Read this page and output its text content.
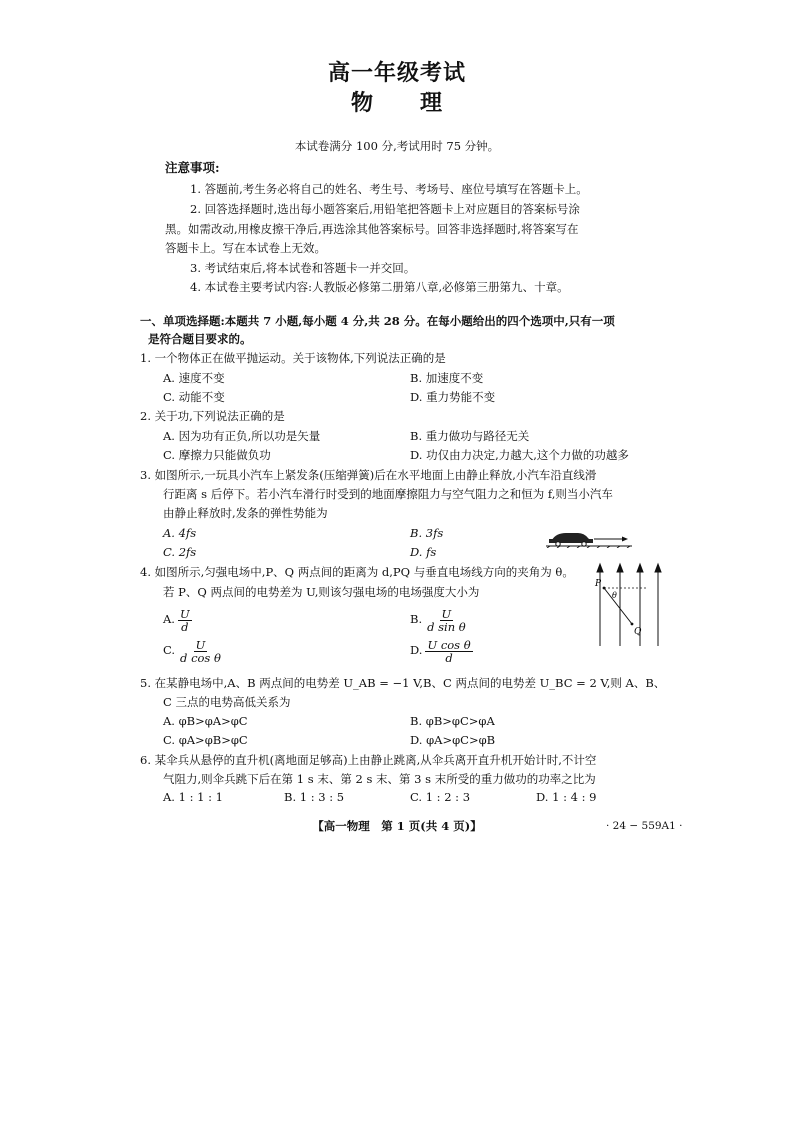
高一年级考试
物　　理
本试卷满分 100 分,考试用时 75 分钟。
注意事项:
1. 答题前,考生务必将自己的姓名、考生号、考场号、座位号填写在答题卡上。
2. 回答选择题时,选出每小题答案后,用铅笔把答题卡上对应题目的答案标号涂
黑。如需改动,用橡皮擦干净后,再选涂其他答案标号。回答非选择题时,将答案写在
答题卡上。写在本试卷上无效。
3. 考试结束后,将本试卷和答题卡一并交回。
4. 本试卷主要考试内容:人教版必修第二册第八章,必修第三册第九、十章。
一、单项选择题:本题共 7 小题,每小题 4 分,共 28 分。在每小题给出的四个选项中,只有一项
是符合题目要求的。
1. 一个物体正在做平抛运动。关于该物体,下列说法正确的是
A. 速度不变	B. 加速度不变
C. 动能不变	D. 重力势能不变
2. 关于功,下列说法正确的是
A. 因为功有正负,所以功是矢量	B. 重力做功与路径无关
C. 摩擦力只能做负功	D. 功仅由力决定,力越大,这个力做的功越多
3. 如图所示,一玩具小汽车上紧发条(压缩弹簧)后在水平地面上由静止释放,小汽车沿直线滑
行距离 s 后停下。若小汽车滑行时受到的地面摩擦阻力与空气阻力之和恒为 f,则当小汽车
由静止释放时,发条的弹性势能为
A. 4fs	B. 3fs
C. 2fs	D. fs
4. 如图所示,匀强电场中,P、Q 两点间的距离为 d,PQ 与垂直电场线方向的夹角为 θ。
若 P、Q 两点间的电势差为 U,则该匀强电场的电场强度大小为
A. $\frac{U}{d}$	B. $\frac{U}{\text{d sin θ}}$
C. $\frac{U}{\text{d cos θ}}$	D. $\frac{\text{U cos θ}}{d}$
P
θ
Q
5. 在某静电场中,A、B 两点间的电势差 U_AB = −1 V,B、C 两点间的电势差 U_BC = 2 V,则 A、B、
C 三点的电势高低关系为
A. φB>φA>φC	B. φB>φC>φA
C. φA>φB>φC	D. φA>φC>φB
6. 某伞兵从悬停的直升机(离地面足够高)上由静止跳离,从伞兵离开直升机开始计时,不计空
气阻力,则伞兵跳下后在第 1 s 末、第 2 s 末、第 3 s 末所受的重力做功的功率之比为
A. 1 : 1 : 1	B. 1 : 3 : 5	C. 1 : 2 : 3	D. 1 : 4 : 9
【高一物理　第 1 页(共 4 页)】	· 24 − 559A1 ·
